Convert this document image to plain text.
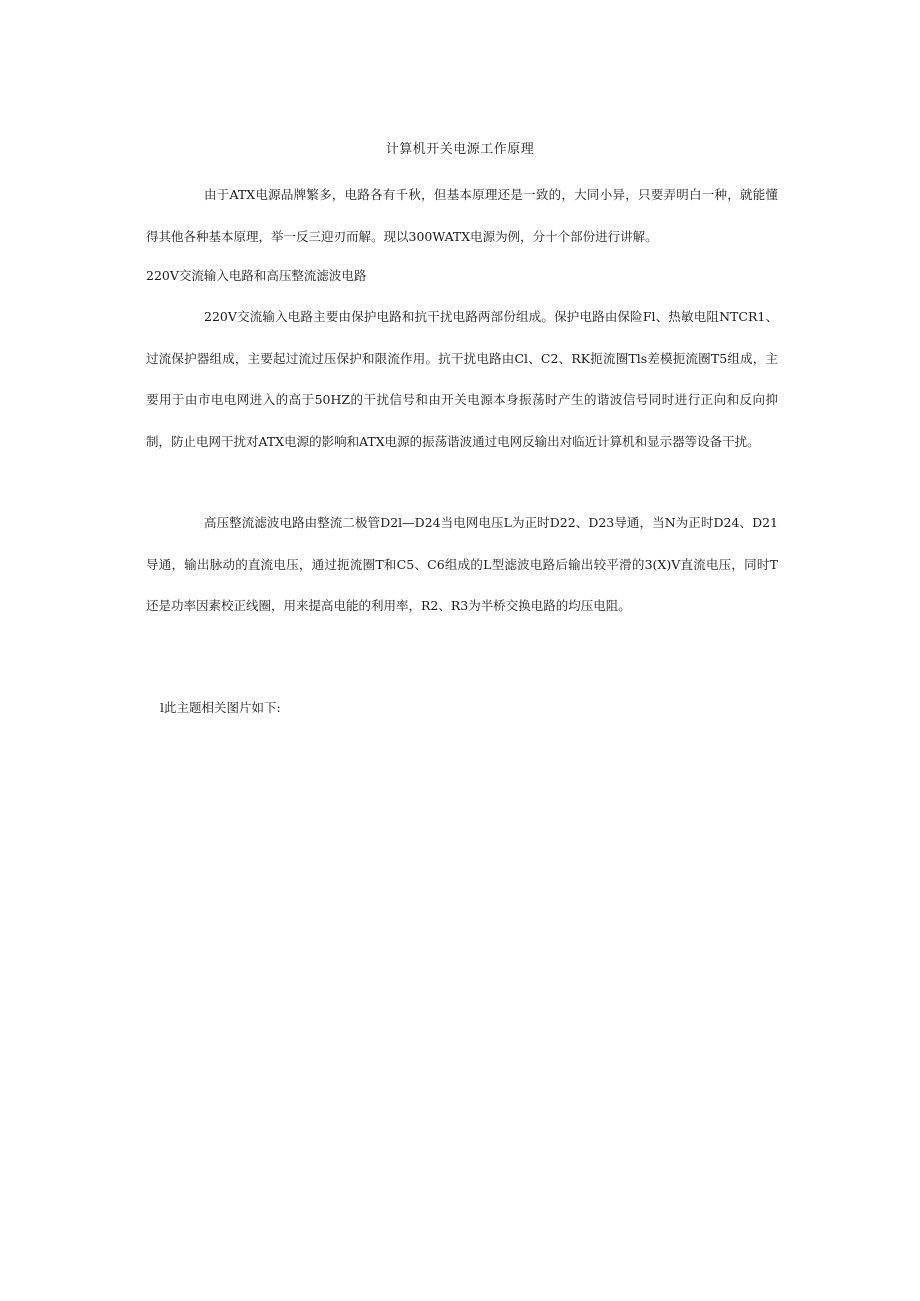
计算机开关电源工作原理

由于ATX电源品牌繁多，电路各有千秋，但基本原理还是一致的，大同小异，只要弄明白一种，就能懂得其他各种基本原理，举一反三迎刃而解。现以300WATX电源为例，分十个部份进行讲解。

220V交流输入电路和高压整流滤波电路

220V交流输入电路主要由保护电路和抗干扰电路两部份组成。保护电路由保险Fl、热敏电阻NTCR1、过流保护器组成，主要起过流过压保护和限流作用。抗干扰电路由Cl、C2、RK扼流圈Tls差模扼流圈T5组成，主要用于由市电电网进入的高于50HZ的干扰信号和由开关电源本身振荡时产生的谐波信号同时进行正向和反向抑制，防止电网干扰对ATX电源的影响和ATX电源的振荡谐波通过电网反输出对临近计算机和显示器等设备干扰。

高压整流滤波电路由整流二极管D2l—D24当电网电压L为正时D22、D23导通，当N为正时D24、D21导通，输出脉动的直流电压，通过扼流圈T和C5、C6组成的L型滤波电路后输出较平滑的3(X)V直流电压，同时T还是功率因素校正线圈，用来提高电能的利用率，R2、R3为半桥交换电路的均压电阻。

l此主题相关图片如下:
